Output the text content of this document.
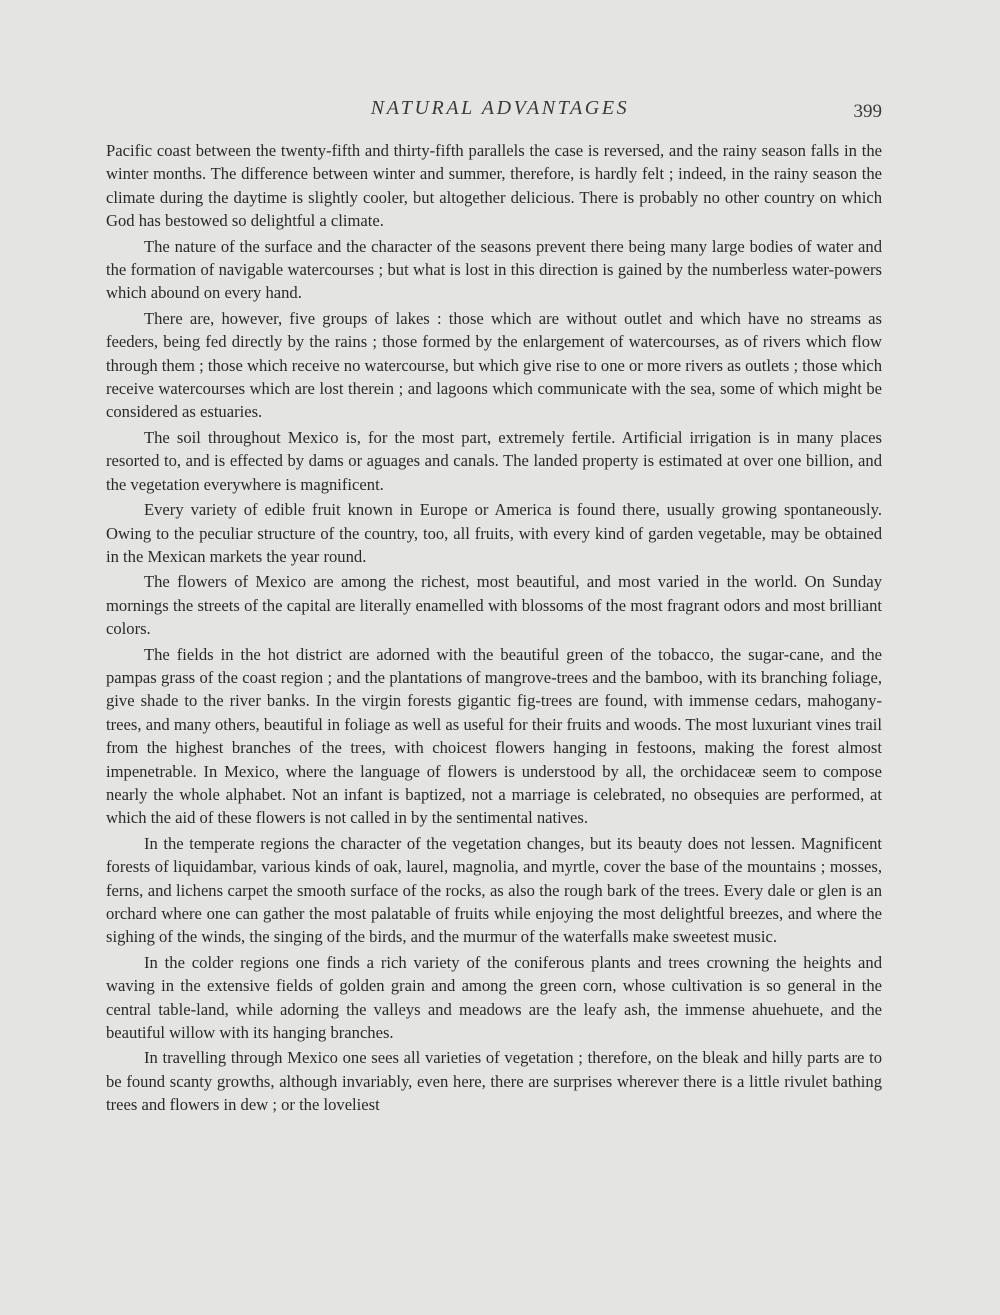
NATURAL ADVANTAGES	399

Pacific coast between the twenty-fifth and thirty-fifth parallels the case is reversed, and the rainy season falls in the winter months. The difference between winter and summer, therefore, is hardly felt ; indeed, in the rainy season the climate during the daytime is slightly cooler, but altogether delicious. There is probably no other country on which God has bestowed so delightful a climate.

The nature of the surface and the character of the seasons prevent there being many large bodies of water and the formation of navigable watercourses ; but what is lost in this direction is gained by the numberless water-powers which abound on every hand.

There are, however, five groups of lakes : those which are without outlet and which have no streams as feeders, being fed directly by the rains ; those formed by the enlargement of watercourses, as of rivers which flow through them ; those which receive no watercourse, but which give rise to one or more rivers as outlets ; those which receive watercourses which are lost therein ; and lagoons which communicate with the sea, some of which might be considered as estuaries.

The soil throughout Mexico is, for the most part, extremely fertile. Artificial irrigation is in many places resorted to, and is effected by dams or aguages and canals. The landed property is estimated at over one billion, and the vegetation everywhere is magnificent.

Every variety of edible fruit known in Europe or America is found there, usually growing spontaneously. Owing to the peculiar structure of the country, too, all fruits, with every kind of garden vegetable, may be obtained in the Mexican markets the year round.

The flowers of Mexico are among the richest, most beautiful, and most varied in the world. On Sunday mornings the streets of the capital are literally enamelled with blossoms of the most fragrant odors and most brilliant colors.

The fields in the hot district are adorned with the beautiful green of the tobacco, the sugar-cane, and the pampas grass of the coast region ; and the plantations of mangrove-trees and the bamboo, with its branching foliage, give shade to the river banks. In the virgin forests gigantic fig-trees are found, with immense cedars, mahogany-trees, and many others, beautiful in foliage as well as useful for their fruits and woods. The most luxuriant vines trail from the highest branches of the trees, with choicest flowers hanging in festoons, making the forest almost impenetrable. In Mexico, where the language of flowers is understood by all, the orchidaceæ seem to compose nearly the whole alphabet. Not an infant is baptized, not a marriage is celebrated, no obsequies are performed, at which the aid of these flowers is not called in by the sentimental natives.

In the temperate regions the character of the vegetation changes, but its beauty does not lessen. Magnificent forests of liquidambar, various kinds of oak, laurel, magnolia, and myrtle, cover the base of the mountains ; mosses, ferns, and lichens carpet the smooth surface of the rocks, as also the rough bark of the trees. Every dale or glen is an orchard where one can gather the most palatable of fruits while enjoying the most delightful breezes, and where the sighing of the winds, the singing of the birds, and the murmur of the waterfalls make sweetest music.

In the colder regions one finds a rich variety of the coniferous plants and trees crowning the heights and waving in the extensive fields of golden grain and among the green corn, whose cultivation is so general in the central table-land, while adorning the valleys and meadows are the leafy ash, the immense ahuehuete, and the beautiful willow with its hanging branches.

In travelling through Mexico one sees all varieties of vegetation ; therefore, on the bleak and hilly parts are to be found scanty growths, although invariably, even here, there are surprises wherever there is a little rivulet bathing trees and flowers in dew ; or the loveliest
